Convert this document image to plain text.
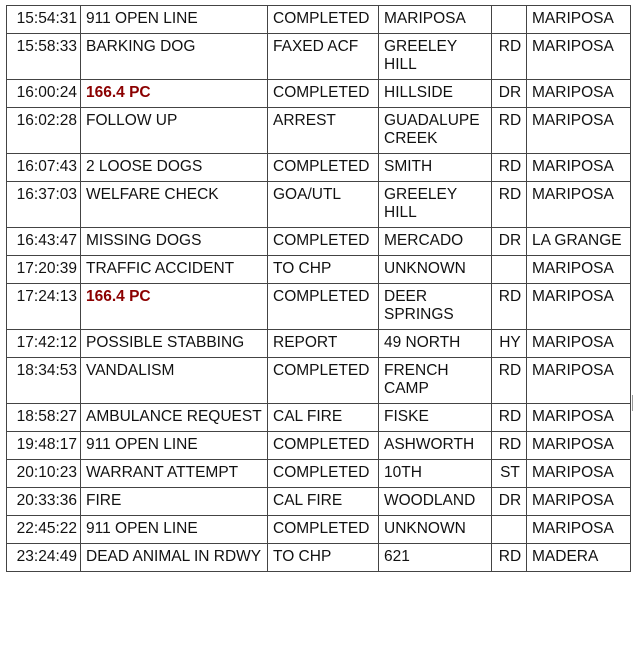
15:54:31	911 OPEN LINE	COMPLETED	MARIPOSA		MARIPOSA
15:58:33	BARKING DOG	FAXED ACF	GREELEY HILL	RD	MARIPOSA
16:00:24	166.4 PC	COMPLETED	HILLSIDE	DR	MARIPOSA
16:02:28	FOLLOW UP	ARREST	GUADALUPE CREEK	RD	MARIPOSA
16:07:43	2 LOOSE DOGS	COMPLETED	SMITH	RD	MARIPOSA
16:37:03	WELFARE CHECK	GOA/UTL	GREELEY HILL	RD	MARIPOSA
16:43:47	MISSING DOGS	COMPLETED	MERCADO	DR	LA GRANGE
17:20:39	TRAFFIC ACCIDENT	TO CHP	UNKNOWN		MARIPOSA
17:24:13	166.4 PC	COMPLETED	DEER SPRINGS	RD	MARIPOSA
17:42:12	POSSIBLE STABBING	REPORT	49 NORTH	HY	MARIPOSA
18:34:53	VANDALISM	COMPLETED	FRENCH CAMP	RD	MARIPOSA
18:58:27	AMBULANCE REQUEST	CAL FIRE	FISKE	RD	MARIPOSA
19:48:17	911 OPEN LINE	COMPLETED	ASHWORTH	RD	MARIPOSA
20:10:23	WARRANT ATTEMPT	COMPLETED	10TH	ST	MARIPOSA
20:33:36	FIRE	CAL FIRE	WOODLAND	DR	MARIPOSA
22:45:22	911 OPEN LINE	COMPLETED	UNKNOWN		MARIPOSA
23:24:49	DEAD ANIMAL IN RDWY	TO CHP	621	RD	MADERA
